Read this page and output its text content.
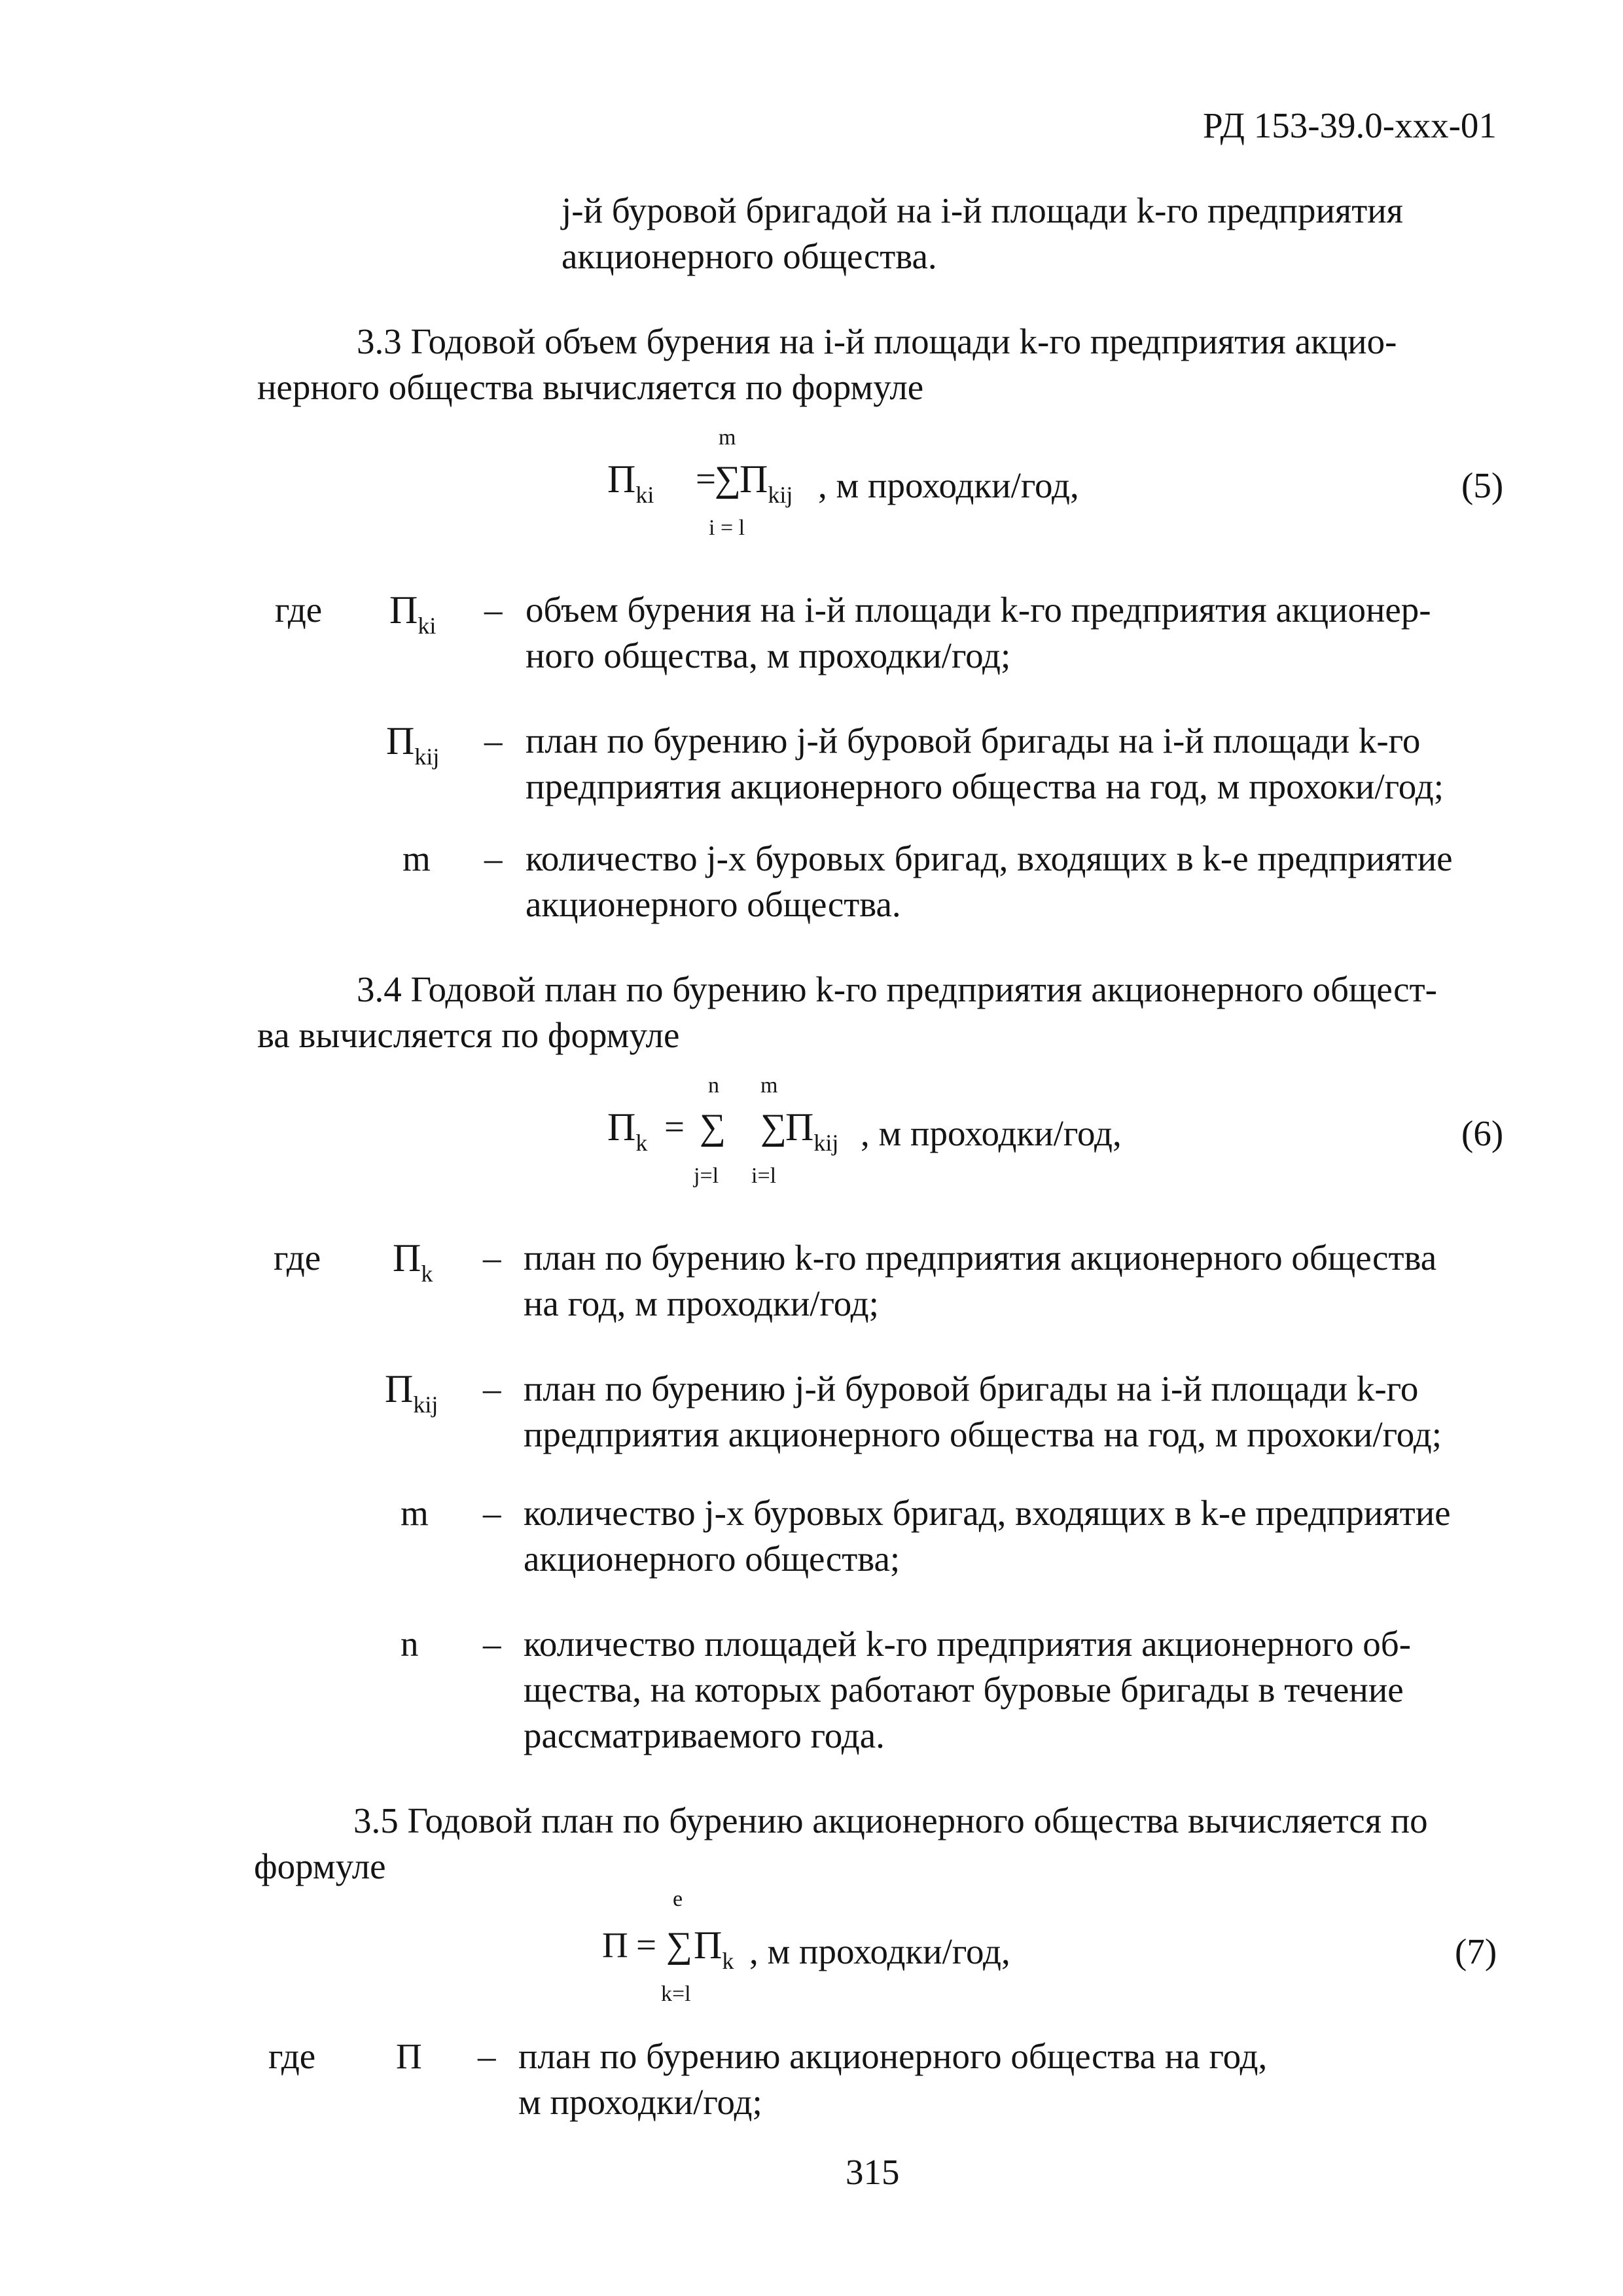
РД 153-39.0-xxx-01
j-й буровой бригадой на i-й площади k-го предприятия
акционерного общества.
3.3 Годовой объем бурения на i-й площади k-го предприятия акцио-
нерного общества вычисляется по формуле
$П_{ki}$ =
m
∑
i = l
$П_{kij}$ , м проходки/год,	(5)
где $П_{ki}$ – объем бурения на i-й площади k-го предприятия акционер-
ного общества, м проходки/год;
$П_{kij}$ – план по бурению j-й буровой бригады на i-й площади k-го
предприятия акционерного общества на год, м прохоки/год;
m – количество j-х буровых бригад, входящих в k-е предприятие
акционерного общества.
3.4 Годовой план по бурению k-го предприятия акционерного общест-
ва вычисляется по формуле
$П_k$ =
n
∑
j=l
m
∑
i=l
$П_{kij}$ , м проходки/год,	(6)
где $П_k$ – план по бурению k-го предприятия акционерного общества
на год, м проходки/год;
$П_{kij}$ – план по бурению j-й буровой бригады на i-й площади k-го
предприятия акционерного общества на год, м прохоки/год;
m – количество j-х буровых бригад, входящих в k-е предприятие
акционерного общества;
n – количество площадей k-го предприятия акционерного об-
щества, на которых работают буровые бригады в течение
рассматриваемого года.
3.5 Годовой план по бурению акционерного общества вычисляется по
формуле
П =
e
∑
k=l
$П_k$ , м проходки/год,	(7)
где П – план по бурению акционерного общества на год,
м проходки/год;
315
